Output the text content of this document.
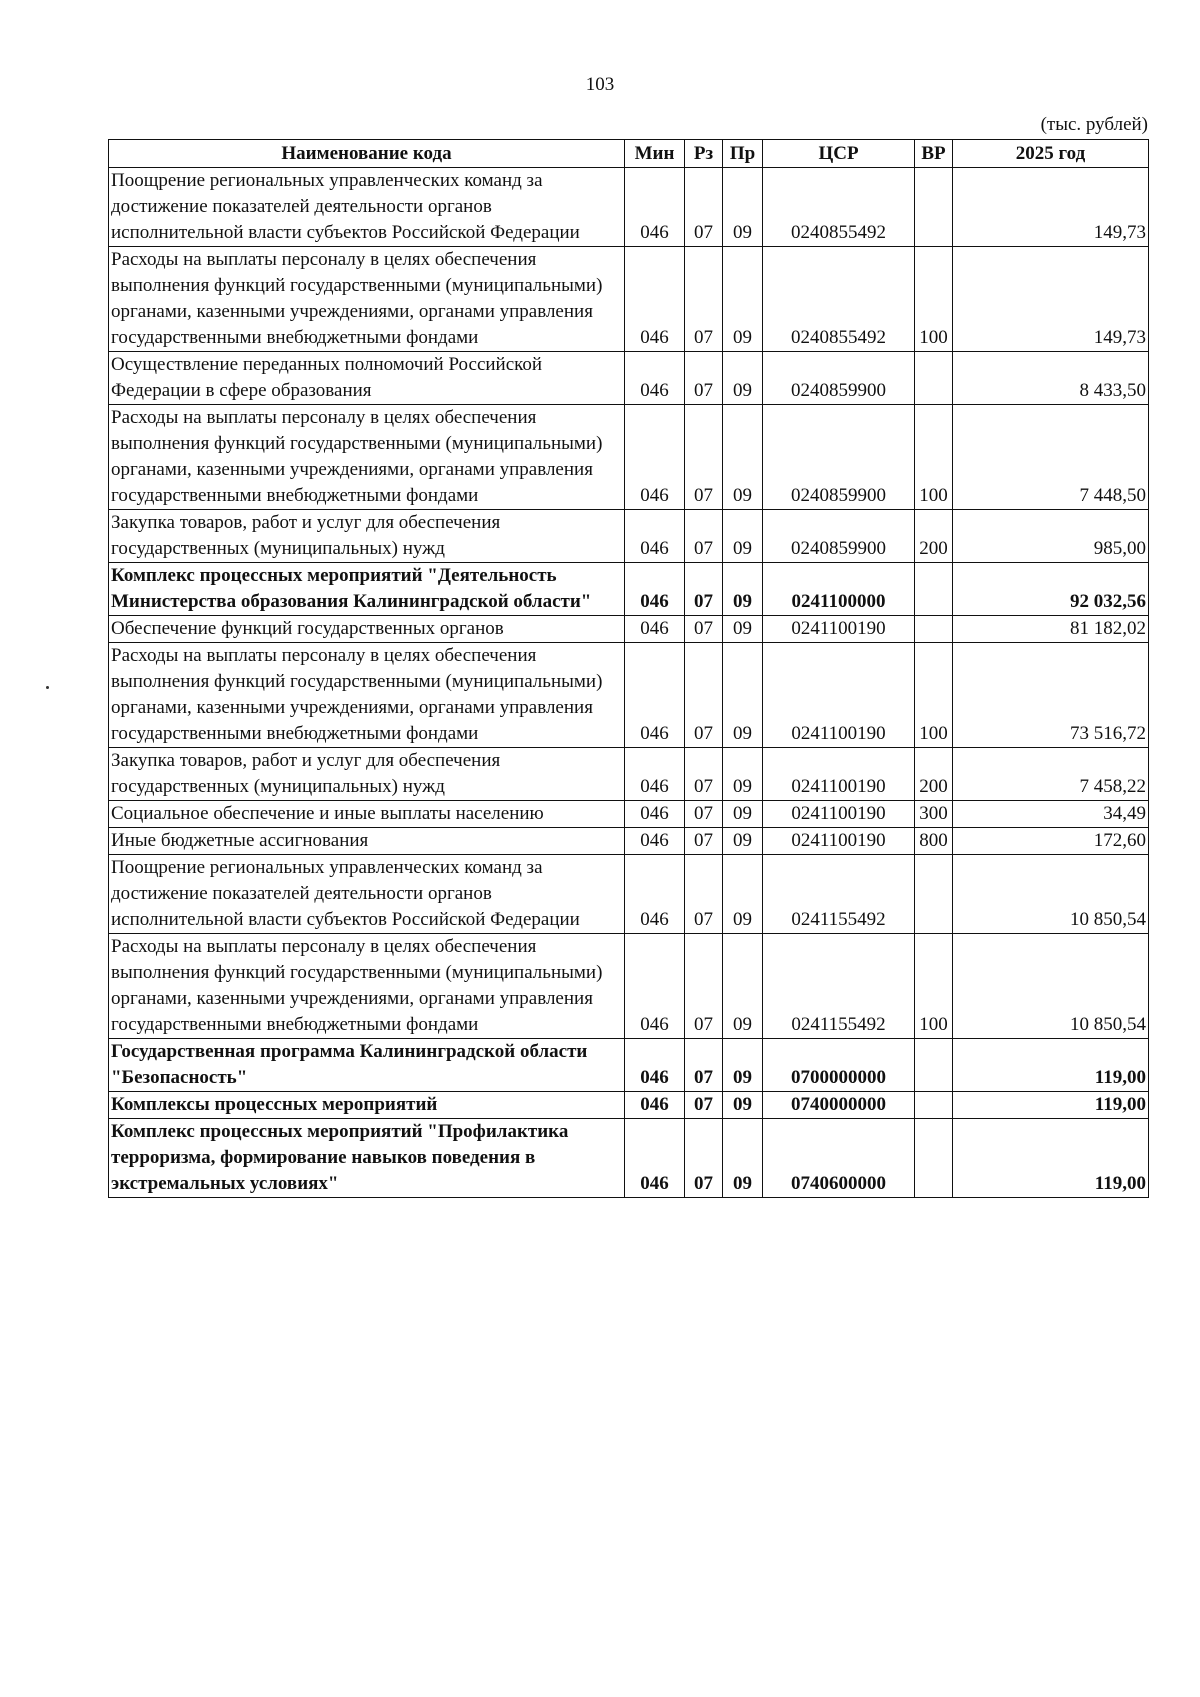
103
(тыс. рублей)
Наименование кода	Мин	Рз	Пр	ЦСР	ВР	2025 год
Поощрение региональных управленческих команд за достижение показателей деятельности органов исполнительной власти субъектов Российской Федерации	046	07	09	0240855492		149,73
Расходы на выплаты персоналу в целях обеспечения выполнения функций государственными (муниципальными) органами, казенными учреждениями, органами управления государственными внебюджетными фондами	046	07	09	0240855492	100	149,73
Осуществление переданных полномочий Российской Федерации в сфере образования	046	07	09	0240859900		8 433,50
Расходы на выплаты персоналу в целях обеспечения выполнения функций государственными (муниципальными) органами, казенными учреждениями, органами управления государственными внебюджетными фондами	046	07	09	0240859900	100	7 448,50
Закупка товаров, работ и услуг для обеспечения государственных (муниципальных) нужд	046	07	09	0240859900	200	985,00
Комплекс процессных мероприятий "Деятельность Министерства образования Калининградской области"	046	07	09	0241100000		92 032,56
Обеспечение функций государственных органов	046	07	09	0241100190		81 182,02
Расходы на выплаты персоналу в целях обеспечения выполнения функций государственными (муниципальными) органами, казенными учреждениями, органами управления государственными внебюджетными фондами	046	07	09	0241100190	100	73 516,72
Закупка товаров, работ и услуг для обеспечения государственных (муниципальных) нужд	046	07	09	0241100190	200	7 458,22
Социальное обеспечение и иные выплаты населению	046	07	09	0241100190	300	34,49
Иные бюджетные ассигнования	046	07	09	0241100190	800	172,60
Поощрение региональных управленческих команд за достижение показателей деятельности органов исполнительной власти субъектов Российской Федерации	046	07	09	0241155492		10 850,54
Расходы на выплаты персоналу в целях обеспечения выполнения функций государственными (муниципальными) органами, казенными учреждениями, органами управления государственными внебюджетными фондами	046	07	09	0241155492	100	10 850,54
Государственная программа Калининградской области "Безопасность"	046	07	09	0700000000		119,00
Комплексы процессных мероприятий	046	07	09	0740000000		119,00
Комплекс процессных мероприятий "Профилактика терроризма, формирование навыков поведения в экстремальных условиях"	046	07	09	0740600000		119,00
